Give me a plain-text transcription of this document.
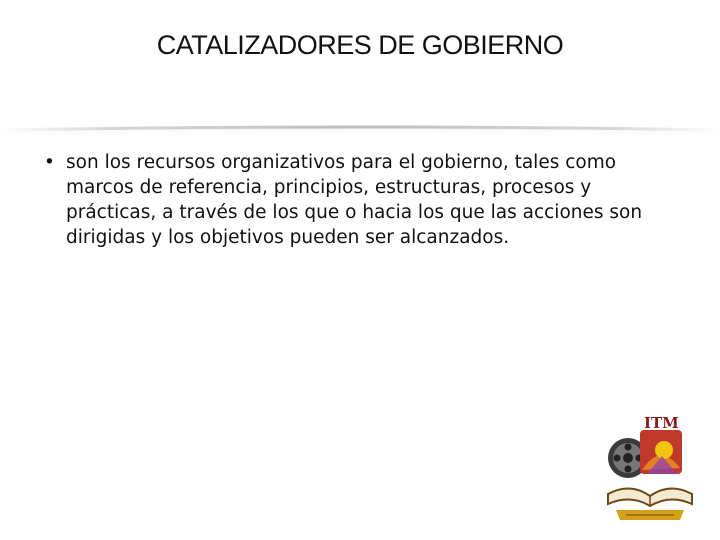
CATALIZADORES DE GOBIERNO
• son los recursos organizativos para el gobierno, tales como marcos de referencia, principios, estructuras, procesos y prácticas, a través de los que o hacia los que las acciones son dirigidas y los objetivos pueden ser alcanzados.
ITM
